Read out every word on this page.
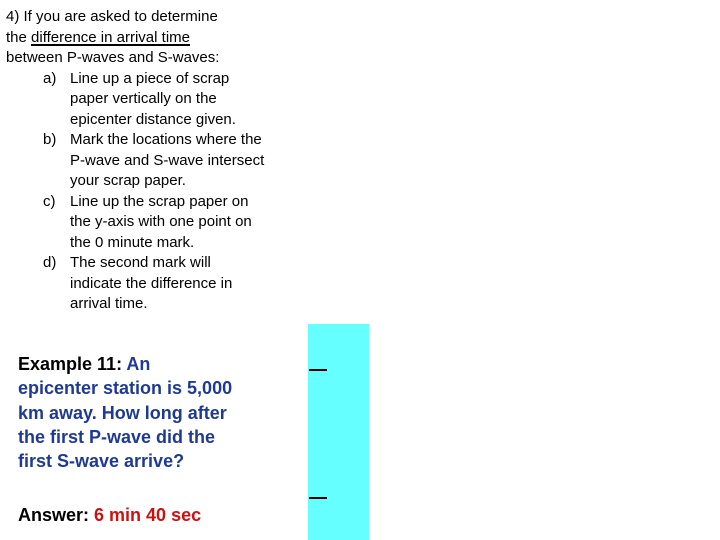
4) If you are asked to determine
the difference in arrival time
between P-waves and S-waves:
a) Line up a piece of scrap paper vertically on the epicenter distance given.
b) Mark the locations where the P-wave and S-wave intersect your scrap paper.
c) Line up the scrap paper on the y-axis with one point on the 0 minute mark.
d) The second mark will indicate the difference in arrival time.
Example 11: An epicenter station is 5,000 km away. How long after the first P-wave did the first S-wave arrive?
Answer: 6 min 40 sec
